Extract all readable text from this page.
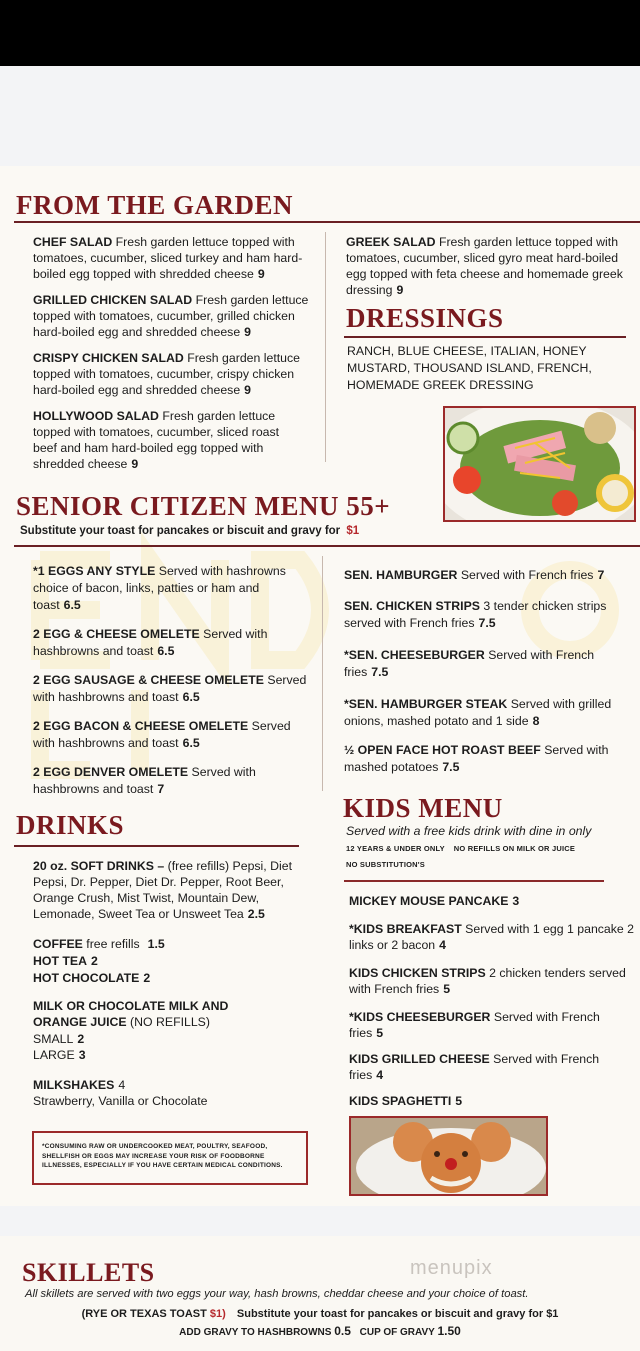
FROM THE GARDEN
CHEF SALAD Fresh garden lettuce topped with tomatoes, cucumber, sliced turkey and ham hard-boiled egg topped with shredded cheese 9
GRILLED CHICKEN SALAD Fresh garden lettuce topped with tomatoes, cucumber, grilled chicken hard-boiled egg and shredded cheese 9
CRISPY CHICKEN SALAD Fresh garden lettuce topped with tomatoes, cucumber, crispy chicken hard-boiled egg and shredded cheese 9
HOLLYWOOD SALAD Fresh garden lettuce topped with tomatoes, cucumber, sliced roast beef and ham hard-boiled egg topped with shredded cheese 9
GREEK SALAD Fresh garden lettuce topped with tomatoes, cucumber, sliced gyro meat hard-boiled egg topped with feta cheese and homemade greek dressing 9
DRESSINGS
RANCH, BLUE CHEESE, ITALIAN, HONEY MUSTARD, THOUSAND ISLAND, FRENCH, HOMEMADE GREEK DRESSING
SENIOR CITIZEN MENU 55+
Substitute your toast for pancakes or biscuit and gravy for $1
*1 EGGS ANY STYLE Served with hashrowns choice of bacon, links, patties or ham and toast 6.5
2 EGG & CHEESE OMELETE Served with hashbrowns and toast 6.5
2 EGG SAUSAGE & CHEESE OMELETE Served with hashbrowns and toast 6.5
2 EGG BACON & CHEESE OMELETE Served with hashbrowns and toast 6.5
2 EGG DENVER OMELETE Served with hashbrowns and toast 7
SEN. HAMBURGER Served with French fries 7
SEN. CHICKEN STRIPS 3 tender chicken strips served with French fries 7.5
*SEN. CHEESEBURGER Served with French fries 7.5
*SEN. HAMBURGER STEAK Served with grilled onions, mashed potato and 1 side 8
½ OPEN FACE HOT ROAST BEEF Served with mashed potatoes 7.5
DRINKS
20 oz. SOFT DRINKS – (free refills) Pepsi, Diet Pepsi, Dr. Pepper, Diet Dr. Pepper, Root Beer, Orange Crush, Mist Twist, Mountain Dew, Lemonade, Sweet Tea or Unsweet Tea 2.5
COFFEE free refills 1.5
HOT TEA 2
HOT CHOCOLATE 2
MILK OR CHOCOLATE MILK AND ORANGE JUICE (NO REFILLS)
SMALL 2
LARGE 3
MILKSHAKES 4
Strawberry, Vanilla or Chocolate
*CONSUMING RAW OR UNDERCOOKED MEAT, POULTRY, SEAFOOD, SHELLFISH OR EGGS MAY INCREASE YOUR RISK OF FOODBORNE ILLNESSES, ESPECIALLY IF YOU HAVE CERTAIN MEDICAL CONDITIONS.
KIDS MENU
Served with a free kids drink with dine in only
12 YEARS & UNDER ONLY    NO REFILLS ON MILK OR JUICE
NO SUBSTITUTION'S
MICKEY MOUSE PANCAKE 3
*KIDS BREAKFAST Served with 1 egg 1 pancake 2 links or 2 bacon 4
KIDS CHICKEN STRIPS 2 chicken tenders served with French fries 5
*KIDS CHEESEBURGER Served with French fries 5
KIDS GRILLED CHEESE Served with French fries 4
KIDS SPAGHETTI 5
SKILLETS	menupix
All skillets are served with two eggs your way, hash browns, cheddar cheese and your choice of toast.
(RYE OR TEXAS TOAST $1) Substitute your toast for pancakes or biscuit and gravy for $1
ADD GRAVY TO HASHBROWNS 0.5 CUP OF GRAVY 1.50
